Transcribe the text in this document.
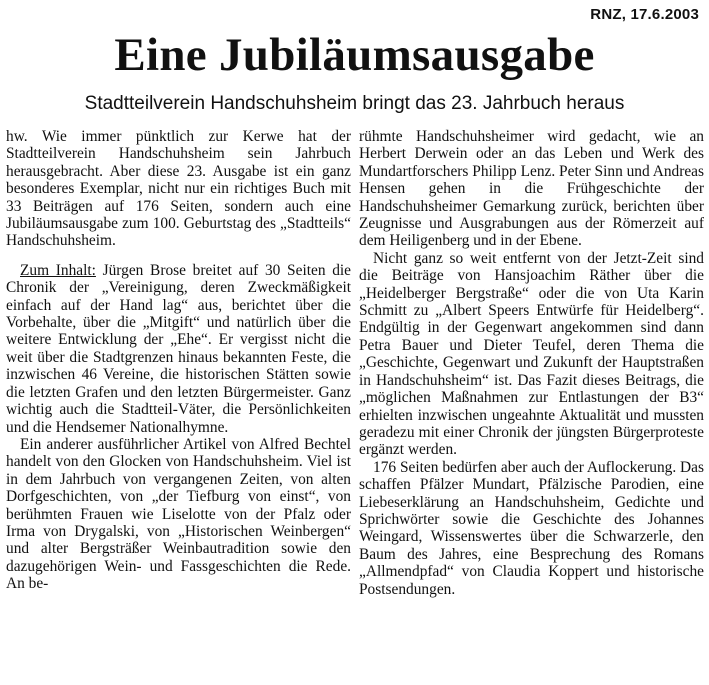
RNZ, 17.6.2003
Eine Jubiläumsausgabe
Stadtteilverein Handschuhsheim bringt das 23. Jahrbuch heraus

hw. Wie immer pünktlich zur Kerwe hat der Stadtteilverein Handschuhsheim sein Jahrbuch herausgebracht. Aber diese 23. Ausgabe ist ein ganz besonderes Exemplar, nicht nur ein richtiges Buch mit 33 Beiträgen auf 176 Seiten, sondern auch eine Jubiläumsausgabe zum 100. Geburtstag des „Stadtteils“ Handschuhsheim.

Zum Inhalt: Jürgen Brose breitet auf 30 Seiten die Chronik der „Vereinigung, deren Zweckmäßigkeit einfach auf der Hand lag“ aus, berichtet über die Vorbehalte, über die „Mitgift“ und natürlich über die weitere Entwicklung der „Ehe“. Er vergisst nicht die weit über die Stadtgrenzen hinaus bekannten Feste, die inzwischen 46 Vereine, die historischen Stätten sowie die letzten Grafen und den letzten Bürgermeister. Ganz wichtig auch die Stadtteil-Väter, die Persönlichkeiten und die Hendsemer Nationalhymne.

Ein anderer ausführlicher Artikel von Alfred Bechtel handelt von den Glocken von Handschuhsheim. Viel ist in dem Jahrbuch von vergangenen Zeiten, von alten Dorfgeschichten, von „der Tiefburg von einst“, von berühmten Frauen wie Liselotte von der Pfalz oder Irma von Drygalski, von „Historischen Weinbergen“ und alter Bergsträßer Weinbautradition sowie den dazugehörigen Wein- und Fassgeschichten die Rede. An be-

rühmte Handschuhsheimer wird gedacht, wie an Herbert Derwein oder an das Leben und Werk des Mundartforschers Philipp Lenz. Peter Sinn und Andreas Hensen gehen in die Frühgeschichte der Handschuhsheimer Gemarkung zurück, berichten über Zeugnisse und Ausgrabungen aus der Römerzeit auf dem Heiligenberg und in der Ebene.

Nicht ganz so weit entfernt von der Jetzt-Zeit sind die Beiträge von Hansjoachim Räther über die „Heidelberger Bergstraße“ oder die von Uta Karin Schmitt zu „Albert Speers Entwürfe für Heidelberg“. Endgültig in der Gegenwart angekommen sind dann Petra Bauer und Dieter Teufel, deren Thema die „Geschichte, Gegenwart und Zukunft der Hauptstraßen in Handschuhsheim“ ist. Das Fazit dieses Beitrags, die „möglichen Maßnahmen zur Entlastungen der B3“ erhielten inzwischen ungeahnte Aktualität und mussten geradezu mit einer Chronik der jüngsten Bürgerproteste ergänzt werden.

176 Seiten bedürfen aber auch der Auflockerung. Das schaffen Pfälzer Mundart, Pfälzische Parodien, eine Liebeserklärung an Handschuhsheim, Gedichte und Sprichwörter sowie die Geschichte des Johannes Weingard, Wissenswertes über die Schwarzerle, den Baum des Jahres, eine Besprechung des Romans „Allmendpfad“ von Claudia Koppert und historische Postsendungen.
